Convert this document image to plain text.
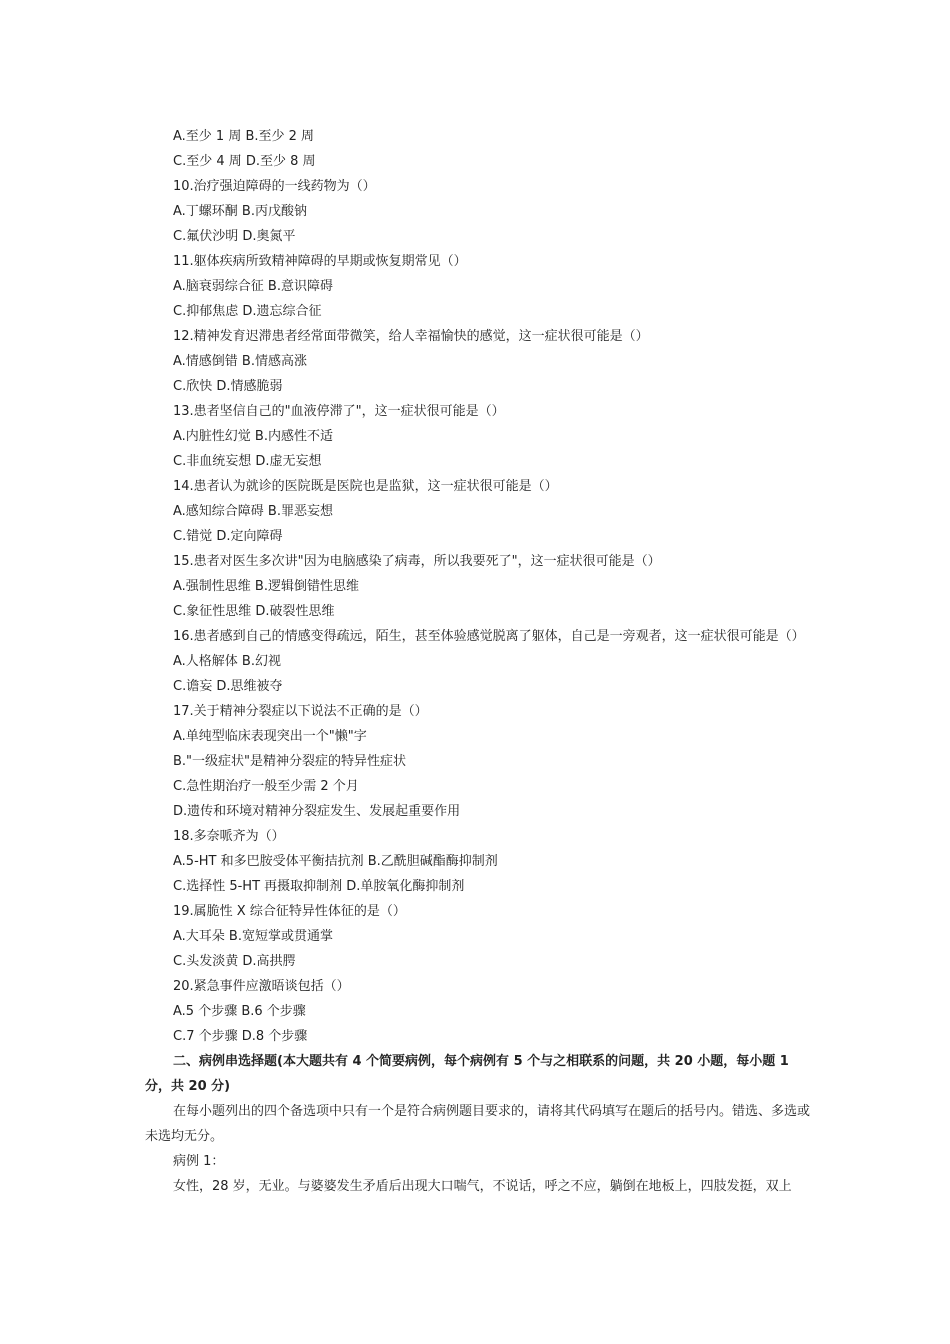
A.至少 1 周 B.至少 2 周

C.至少 4 周 D.至少 8 周

10.治疗强迫障碍的一线药物为（）

A.丁螺环酮 B.丙戊酸钠

C.氟伏沙明 D.奥氮平

11.躯体疾病所致精神障碍的早期或恢复期常见（）

A.脑衰弱综合征 B.意识障碍

C.抑郁焦虑 D.遗忘综合征

12.精神发育迟滞患者经常面带微笑，给人幸福愉快的感觉，这一症状很可能是（）

A.情感倒错 B.情感高涨

C.欣快 D.情感脆弱

13.患者坚信自己的"血液停滞了"，这一症状很可能是（）

A.内脏性幻觉 B.内感性不适

C.非血统妄想 D.虚无妄想

14.患者认为就诊的医院既是医院也是监狱，这一症状很可能是（）

A.感知综合障碍 B.罪恶妄想

C.错觉 D.定向障碍

15.患者对医生多次讲"因为电脑感染了病毒，所以我要死了"，这一症状很可能是（）

A.强制性思维 B.逻辑倒错性思维

C.象征性思维 D.破裂性思维

16.患者感到自己的情感变得疏远，陌生，甚至体验感觉脱离了躯体，自己是一旁观者，这一症状很可能是（）

A.人格解体 B.幻视

C.谵妄 D.思维被夺

17.关于精神分裂症以下说法不正确的是（）

A.单纯型临床表现突出一个"懒"字

B."一级症状"是精神分裂症的特异性症状

C.急性期治疗一般至少需 2 个月

D.遗传和环境对精神分裂症发生、发展起重要作用

18.多奈哌齐为（）

A.5-HT 和多巴胺受体平衡拮抗剂 B.乙酰胆碱酯酶抑制剂

C.选择性 5-HT 再摄取抑制剂 D.单胺氧化酶抑制剂

19.属脆性 X 综合征特异性体征的是（）

A.大耳朵 B.宽短掌或贯通掌

C.头发淡黄 D.高拱腭

20.紧急事件应激晤谈包括（）

A.5 个步骤 B.6 个步骤

C.7 个步骤 D.8 个步骤

二、病例串选择题(本大题共有 4 个简要病例，每个病例有 5 个与之相联系的问题，共 20 小题，每小题 1 分，共 20 分)

在每小题列出的四个备选项中只有一个是符合病例题目要求的，请将其代码填写在题后的括号内。错选、多选或未选均无分。

病例 1：

女性，28 岁，无业。与婆婆发生矛盾后出现大口喘气，不说话，呼之不应，躺倒在地板上，四肢发挺，双上
